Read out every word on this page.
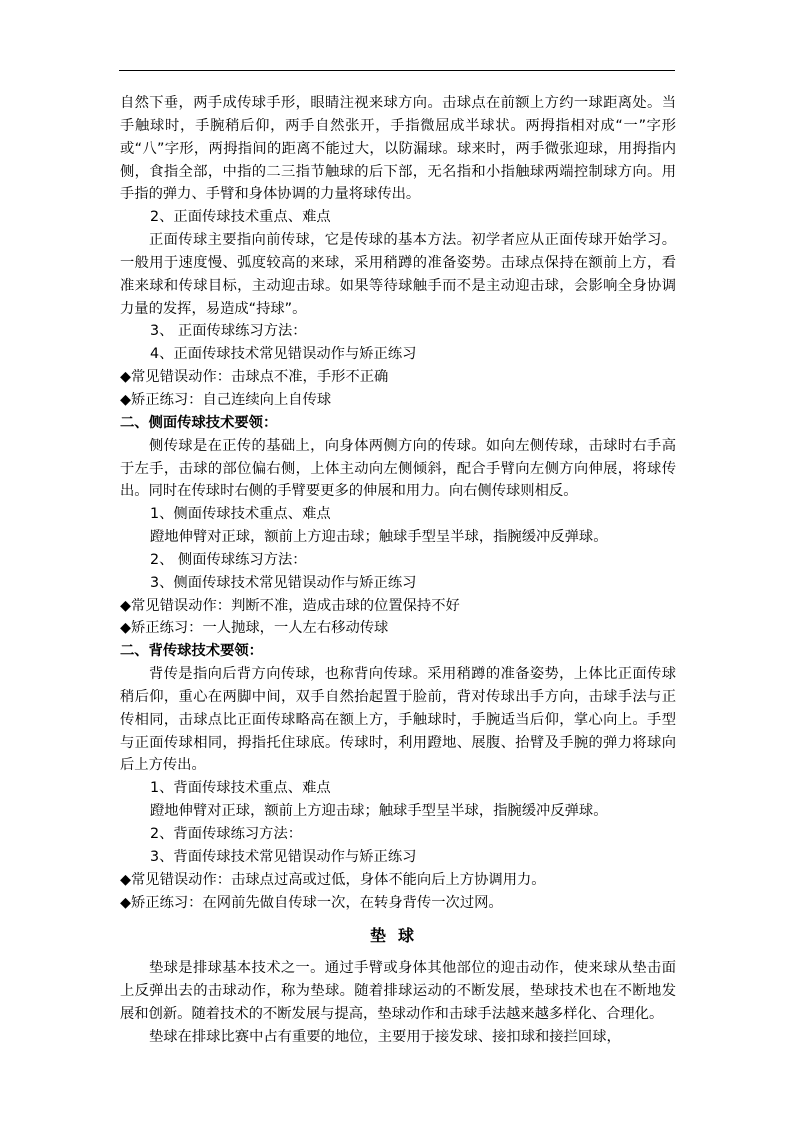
自然下垂，两手成传球手形，眼睛注视来球方向。击球点在前额上方约一球距离处。当手触球时，手腕稍后仰，两手自然张开，手指微屈成半球状。两拇指相对成“一”字形或“八”字形，两拇指间的距离不能过大，以防漏球。球来时，两手微张迎球，用拇指内侧，食指全部，中指的二三指节触球的后下部，无名指和小指触球两端控制球方向。用手指的弹力、手臂和身体协调的力量将球传出。

2、正面传球技术重点、难点

正面传球主要指向前传球，它是传球的基本方法。初学者应从正面传球开始学习。一般用于速度慢、弧度较高的来球，采用稍蹲的准备姿势。击球点保持在额前上方，看准来球和传球目标，主动迎击球。如果等待球触手而不是主动迎击球，会影响全身协调力量的发挥，易造成“持球”。

3、 正面传球练习方法：

4、正面传球技术常见错误动作与矫正练习

◆常见错误动作：击球点不准，手形不正确

◆矫正练习：自己连续向上自传球

二、侧面传球技术要领：

侧传球是在正传的基础上，向身体两侧方向的传球。如向左侧传球，击球时右手高于左手，击球的部位偏右侧，上体主动向左侧倾斜，配合手臂向左侧方向伸展，将球传出。同时在传球时右侧的手臂要更多的伸展和用力。向右侧传球则相反。

1、侧面传球技术重点、难点

蹬地伸臂对正球，额前上方迎击球；触球手型呈半球，指腕缓冲反弹球。

2、 侧面传球练习方法：

3、侧面传球技术常见错误动作与矫正练习

◆常见错误动作：判断不准，造成击球的位置保持不好

◆矫正练习：一人抛球，一人左右移动传球

二、背传球技术要领：

背传是指向后背方向传球，也称背向传球。采用稍蹲的准备姿势，上体比正面传球稍后仰，重心在两脚中间，双手自然抬起置于脸前，背对传球出手方向，击球手法与正传相同，击球点比正面传球略高在额上方，手触球时，手腕适当后仰，掌心向上。手型与正面传球相同，拇指托住球底。传球时，利用蹬地、展腹、抬臂及手腕的弹力将球向后上方传出。

1、背面传球技术重点、难点

蹬地伸臂对正球，额前上方迎击球；触球手型呈半球，指腕缓冲反弹球。

2、背面传球练习方法：

3、背面传球技术常见错误动作与矫正练习

◆常见错误动作：击球点过高或过低，身体不能向后上方协调用力。

◆矫正练习：在网前先做自传球一次，在转身背传一次过网。

垫球

垫球是排球基本技术之一。通过手臂或身体其他部位的迎击动作，使来球从垫击面上反弹出去的击球动作，称为垫球。随着排球运动的不断发展，垫球技术也在不断地发展和创新。随着技术的不断发展与提高，垫球动作和击球手法越来越多样化、合理化。

垫球在排球比赛中占有重要的地位，主要用于接发球、接扣球和接拦回球，
